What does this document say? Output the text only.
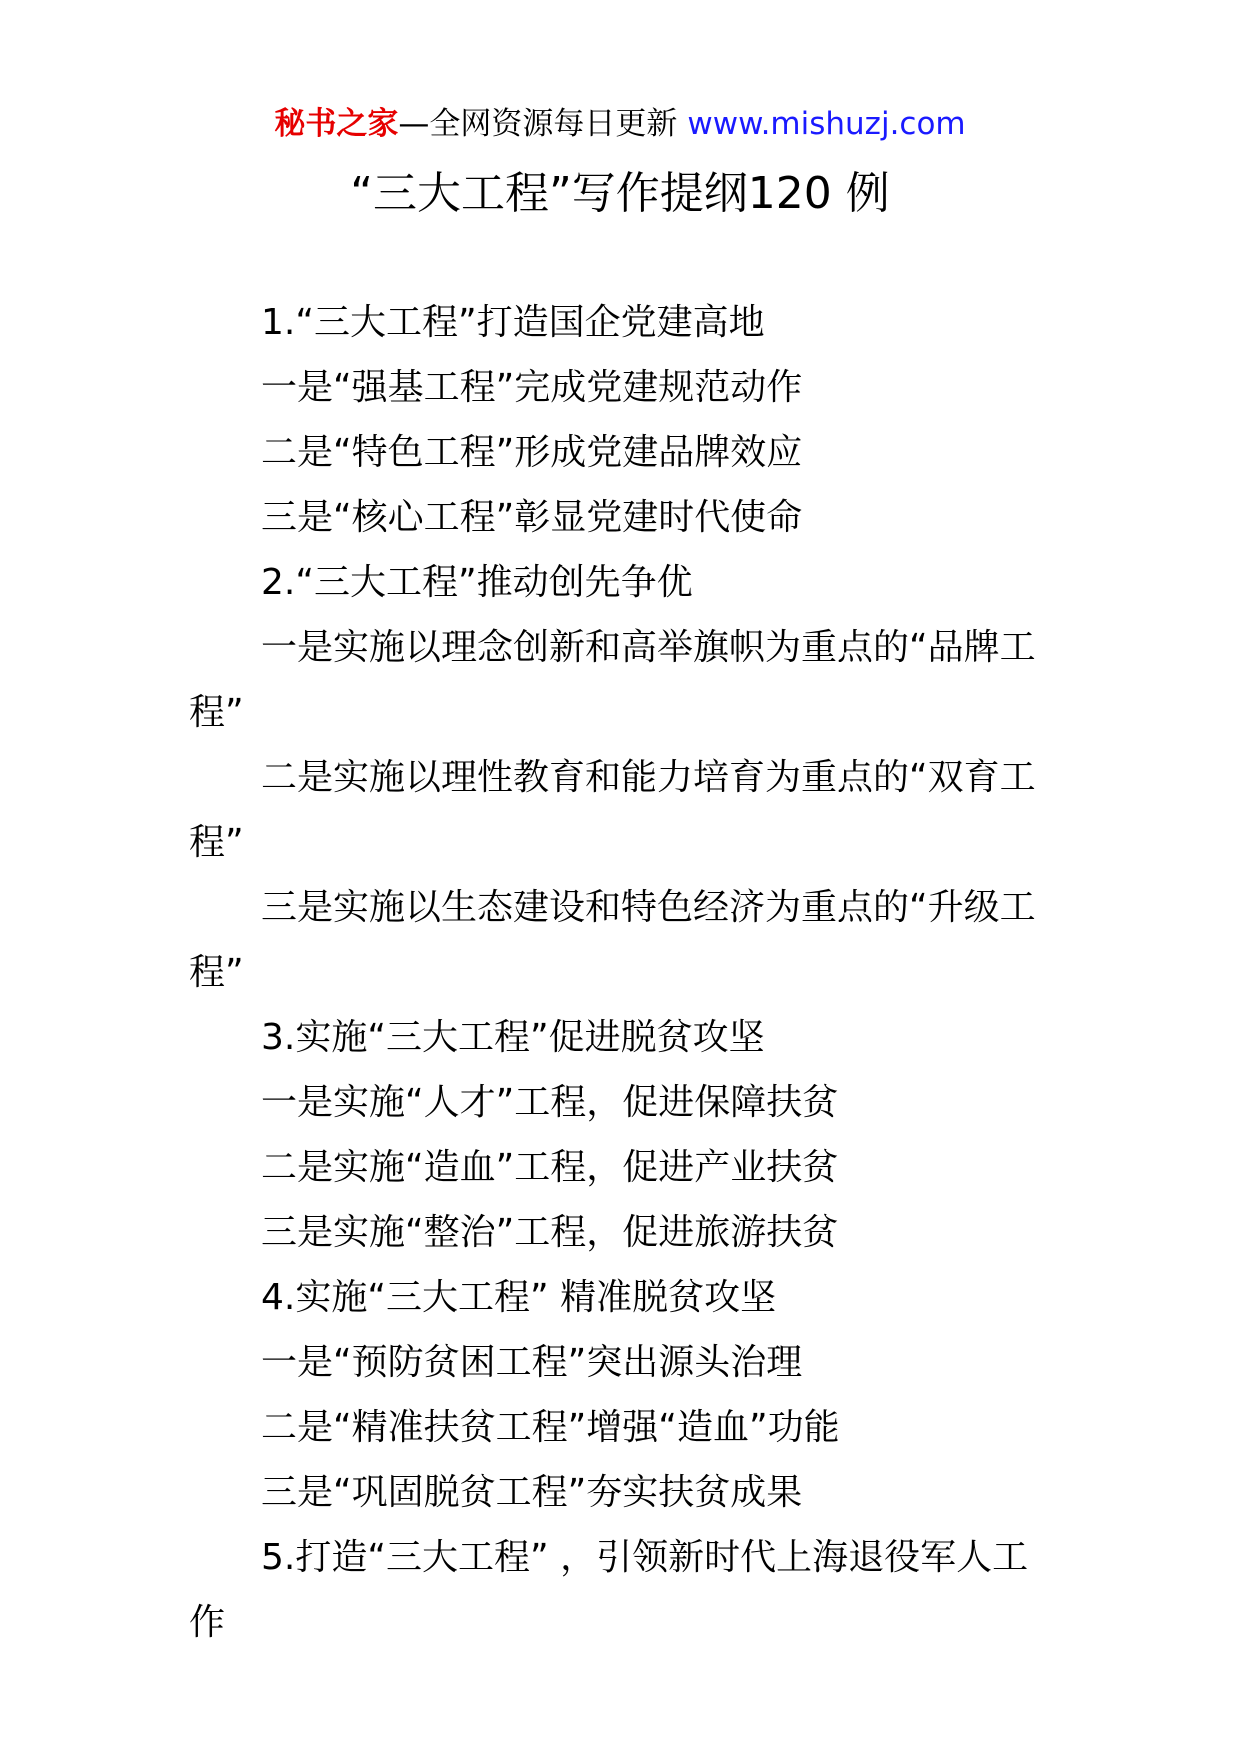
秘书之家—全网资源每日更新 www.mishuzj.com
“三大工程”写作提纲120 例

1.“三大工程”打造国企党建高地

一是“强基工程”完成党建规范动作

二是“特色工程”形成党建品牌效应

三是“核心工程”彰显党建时代使命

2.“三大工程”推动创先争优

一是实施以理念创新和高举旗帜为重点的“品牌工程”

二是实施以理性教育和能力培育为重点的“双育工程”

三是实施以生态建设和特色经济为重点的“升级工程”

3.实施“三大工程”促进脱贫攻坚

一是实施“人才”工程，促进保障扶贫

二是实施“造血”工程，促进产业扶贫

三是实施“整治”工程，促进旅游扶贫

4.实施“三大工程” 精准脱贫攻坚

一是“预防贫困工程”突出源头治理

二是“精准扶贫工程”增强“造血”功能

三是“巩固脱贫工程”夯实扶贫成果

5.打造“三大工程” ，引领新时代上海退役军人工作
